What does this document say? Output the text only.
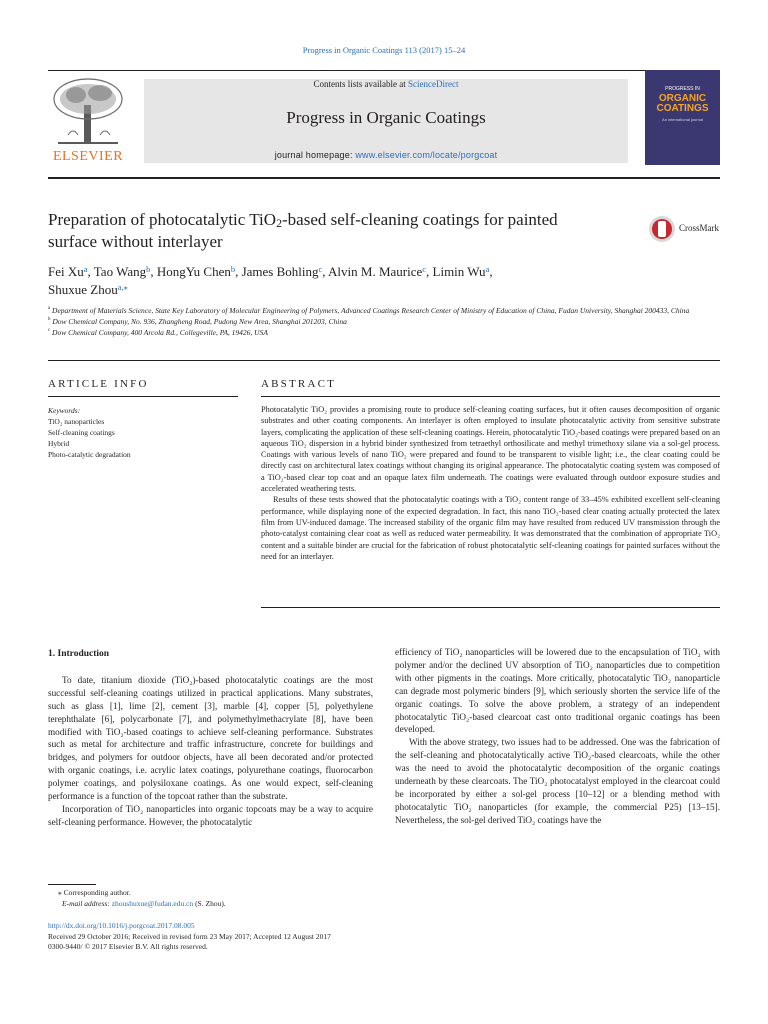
Progress in Organic Coatings 113 (2017) 15–24
ELSEVIER
Contents lists available at ScienceDirect
Progress in Organic Coatings
journal homepage: www.elsevier.com/locate/porgcoat
PROGRESS IN
ORGANIC
COATINGS
An international journal
Preparation of photocatalytic TiO$_2$-based self-cleaning coatings for painted
surface without interlayer
CrossMark
Fei Xu$^a$, Tao Wang$^b$, HongYu Chen$^b$, James Bohling$^c$, Alvin M. Maurice$^c$, Limin Wu$^a$,
Shuxue Zhou$^{a,⁎}$
$^a$ Department of Materials Science, State Key Laboratory of Molecular Engineering of Polymers, Advanced Coatings Research Center of Ministry of Education of China, Fudan University, Shanghai 200433, China
$^b$ Dow Chemical Company, No. 936, Zhangheng Road, Pudong New Area, Shanghai 201203, China
$^c$ Dow Chemical Company, 400 Arcola Rd., Collegeville, PA, 19426, USA
ARTICLE INFO
Keywords:
TiO₂ nanoparticles
Self-cleaning coatings
Hybrid
Photo-catalytic degradation
ABSTRACT

Photocatalytic TiO₂ provides a promising route to produce self-cleaning coating surfaces, but it often causes decomposition of organic substrates and other coating components. An interlayer is often employed to insulate photocatalytic activity from sensitive substrate layers, complicating the application of these self-cleaning coatings. Herein, photocatalytic TiO₂-based coatings were prepared based on an aqueous TiO₂ dispersion in a hybrid binder synthesized from tetraethyl orthosilicate and methyl trimethoxy silane via a sol-gel process. Coatings with various levels of nano TiO₂ were prepared and found to be transparent to visible light; i.e., the clear coating could be directly cast on architectural latex coatings without changing its original appearance. The photocatalytic coating system was composed of a TiO₂-based clear top coat and an opaque latex film underneath. The coatings were evaluated through outdoor exposure studies and accelerated weathering tests.

Results of these tests showed that the photocatalytic coatings with a TiO₂ content range of 33–45% exhibited excellent self-cleaning performance, while displaying none of the expected degradation. In fact, this nano TiO₂-based clear coating actually protected the latex film from UV-induced damage. The increased stability of the organic film may have resulted from reduced UV transmission through the photo-catalyst containing clear coat as well as reduced water permeability. It was demonstrated that the combination of appropriate TiO₂ content and a suitable binder are crucial for the fabrication of robust photocatalytic self-cleaning coatings for painted surfaces without the need for an interlayer.

1. Introduction

To date, titanium dioxide (TiO₂)-based photocatalytic coatings are the most successful self-cleaning coatings utilized in practical applications. Many substrates, such as glass [1], lime [2], cement [3], marble [4], copper [5], polyethylene terephthalate [6], polycarbonate [7], and polymethylmethacrylate [8], have been modified with TiO₂-based coatings to achieve self-cleaning performance. Substrates such as metal for architecture and traffic infrastructure, concrete for buildings and bridges, and polymers for outdoor objects, have all been decorated and/or protected with organic coatings, i.e. acrylic latex coatings, polyurethane coatings, fluorocarbon polymer coatings, and polysiloxane coatings. As one would expect, self-cleaning performance is a function of the topcoat rather than the substrate.

Incorporation of TiO₂ nanoparticles into organic topcoats may be a way to acquire self-cleaning performance. However, the photocatalytic

efficiency of TiO₂ nanoparticles will be lowered due to the encapsulation of TiO₂ with polymer and/or the declined UV absorption of TiO₂ nanoparticles due to competition with other pigments in the coatings. More critically, photocatalytic TiO₂ nanoparticle can degrade most polymeric binders [9], which seriously shorten the service life of the organic coatings. To solve the above problem, a strategy of an independent photocatalytic TiO₂-based clearcoat cast onto traditional organic coatings has been developed.

With the above strategy, two issues had to be addressed. One was the fabrication of the self-cleaning and photocatalytically active TiO₂-based clearcoats, while the other was the need to avoid the photocatalytic decomposition of the organic coatings underneath by these clearcoats. The TiO₂ photocatalyst employed in the clearcoat could be incorporated by either a sol-gel process [10–12] or a blending method with photocatalytic TiO₂ nanoparticles (for example, the commercial P25) [13–15]. Nevertheless, the sol-gel derived TiO₂ coatings have the

⁎ Corresponding author.
E-mail address: zhoushuxue@fudan.edu.cn (S. Zhou).
http://dx.doi.org/10.1016/j.porgcoat.2017.08.005
Received 29 October 2016; Received in revised form 23 May 2017; Accepted 12 August 2017
0300-9440/ © 2017 Elsevier B.V. All rights reserved.
